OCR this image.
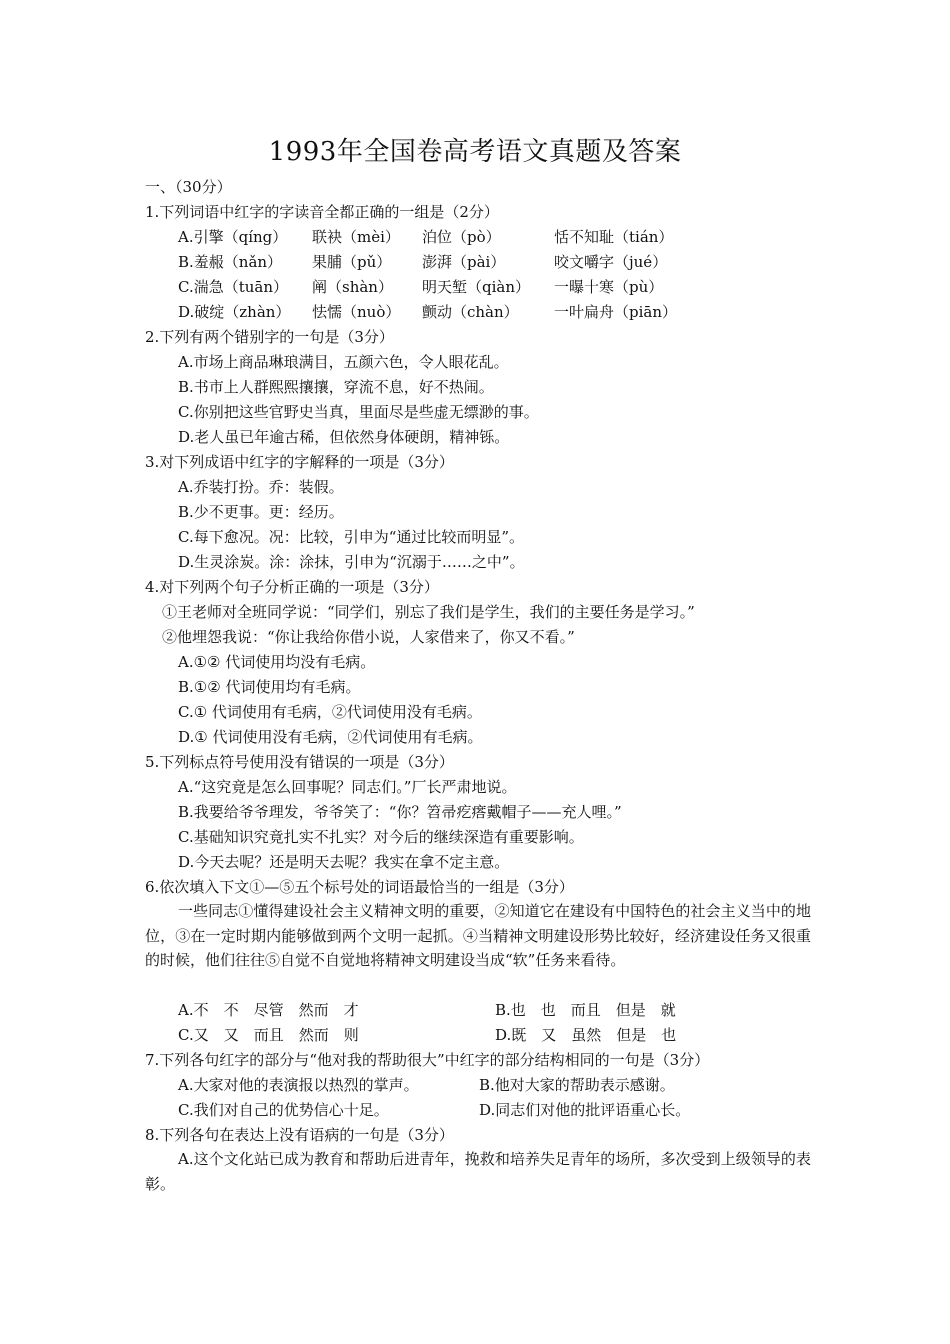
1993年全国卷高考语文真题及答案
一、（30分）
1.下列词语中红字的字读音全都正确的一组是（2分）
A.引擎（qíng） 联袂（mèi） 泊位（pò）	恬不知耻（tián）
B.羞赧（nǎn） 果脯（pǔ） 澎湃（pài）	咬文嚼字（jué）
C.湍急（tuān） 阐（shàn） 明天堑（qiàn） 一曝十寒（pù）
D.破绽（zhàn） 怯懦（nuò） 颤动（chàn） 一叶扁舟（piān）
2.下列有两个错别字的一句是（3分）
A.市场上商品琳琅满目，五颜六色，令人眼花乱。
B.书市上人群熙熙攘攘，穿流不息，好不热闹。
C.你别把这些官野史当真，里面尽是些虚无缥渺的事。
D.老人虽已年逾古稀，但依然身体硬朗，精神铄。
3.对下列成语中红字的字解释的一项是（3分）
A.乔装打扮。乔：装假。
B.少不更事。更：经历。
C.每下愈况。况：比较，引申为“通过比较而明显”。
D.生灵涂炭。涂：涂抹，引申为“沉溺于……之中”。
4.对下列两个句子分析正确的一项是（3分）
①王老师对全班同学说：“同学们，别忘了我们是学生，我们的主要任务是学习。”
②他埋怨我说：“你让我给你借小说，人家借来了，你又不看。”
A.①② 代词使用均没有毛病。
B.①② 代词使用均有毛病。
C.① 代词使用有毛病，②代词使用没有毛病。
D.① 代词使用没有毛病，②代词使用有毛病。
5.下列标点符号使用没有错误的一项是（3分）
A.“这究竟是怎么回事呢？同志们。”厂长严肃地说。
B.我要给爷爷理发，爷爷笑了：“你？笤帚疙瘩戴帽子——充人哩。”
C.基础知识究竟扎实不扎实？对今后的继续深造有重要影响。
D.今天去呢？还是明天去呢？我实在拿不定主意。
6.依次填入下文①—⑤五个标号处的词语最恰当的一组是（3分）
一些同志①懂得建设社会主义精神文明的重要，②知道它在建设有中国特色的社会主义当中的地位，③在一定时期内能够做到两个文明一起抓。④当精神文明建设形势比较好，经济建设任务又很重的时候，他们往往⑤自觉不自觉地将精神文明建设当成“软”任务来看待。
A.不　不　尽管　然而　才	B.也　也　而且　但是　就
C.又　又　而且　然而　则	D.既　又　虽然　但是　也
7.下列各句红字的部分与“他对我的帮助很大”中红字的部分结构相同的一句是（3分）
A.大家对他的表演报以热烈的掌声。	B.他对大家的帮助表示感谢。
C.我们对自己的优势信心十足。	D.同志们对他的批评语重心长。
8.下列各句在表达上没有语病的一句是（3分）
A.这个文化站已成为教育和帮助后进青年，挽救和培养失足青年的场所，多次受到上级领导的表彰。
